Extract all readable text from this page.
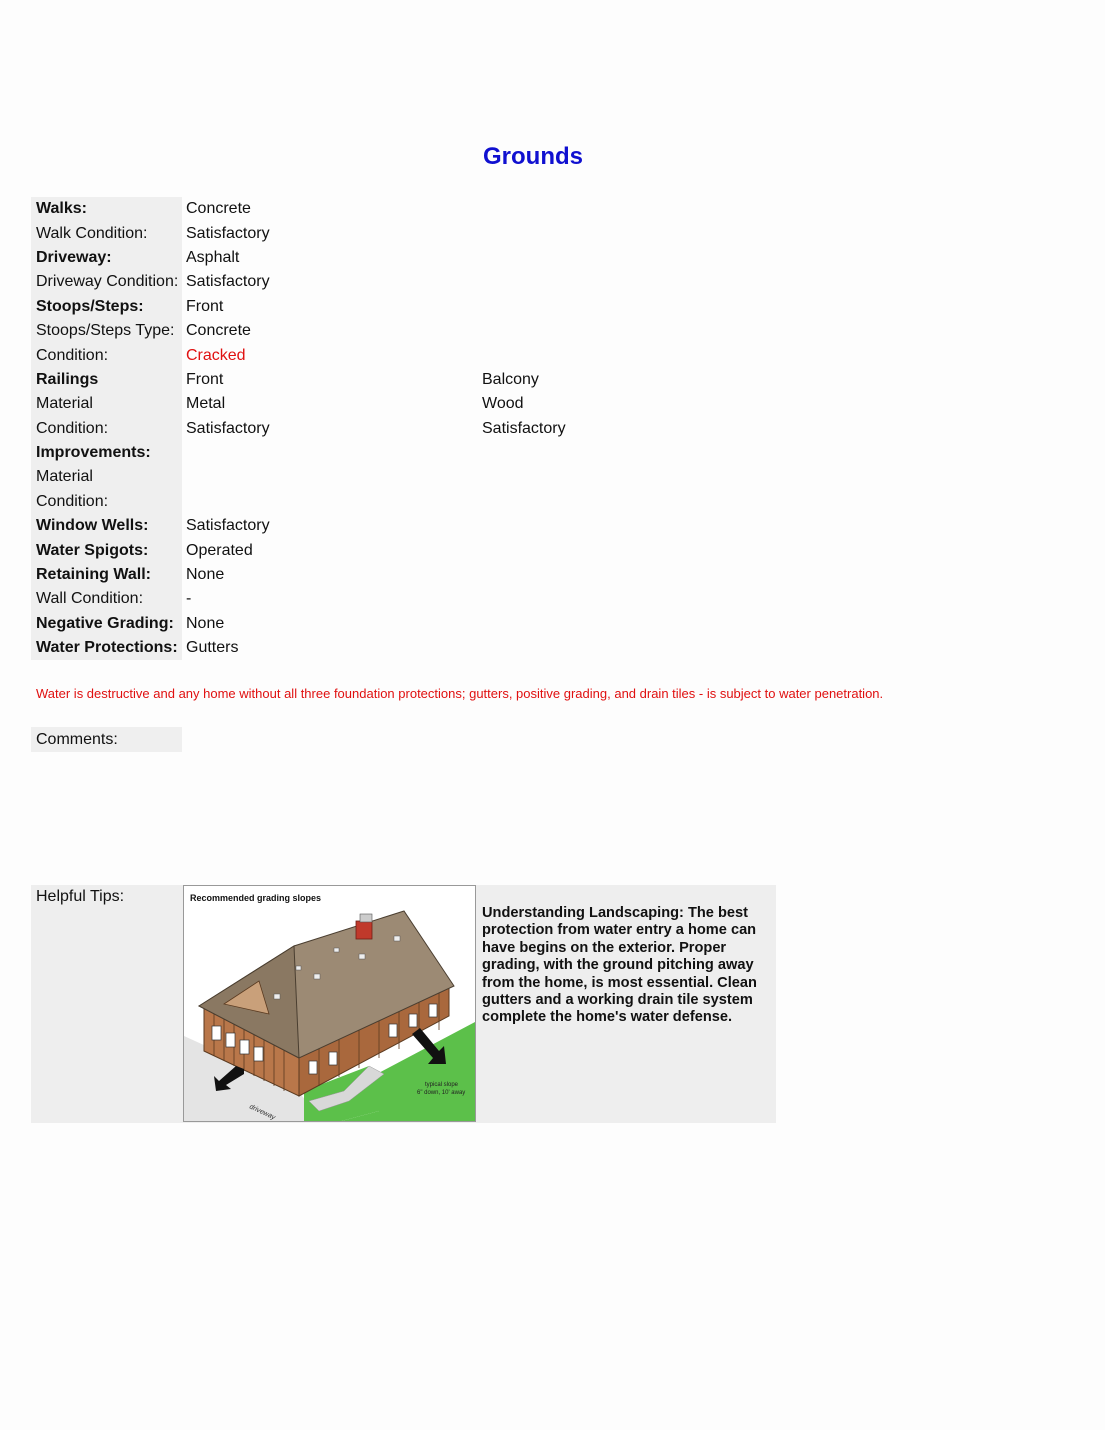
Grounds
Walks:	Concrete
Walk Condition:	Satisfactory
Driveway:	Asphalt
Driveway Condition: Satisfactory
Stoops/Steps:	Front
Stoops/Steps Type: Concrete
Condition:	Cracked
Railings	Front	Balcony
Material	Metal	Wood
Condition:	Satisfactory	Satisfactory
Improvements:
Material
Condition:
Window Wells:	Satisfactory
Water Spigots:	Operated
Retaining Wall:	None
Wall Condition:	-
Negative Grading: None
Water Protections: Gutters
Water is destructive and any home without all three foundation protections; gutters, positive grading, and drain tiles - is subject to water penetration.
Comments:
Helpful Tips:	Recommended grading slopes
typical slope
6" down, 10' away
driveway
Understanding Landscaping: The best protection from water entry a home can have begins on the exterior. Proper grading, with the ground pitching away from the home, is most essential. Clean gutters and a working drain tile system complete the home's water defense.
